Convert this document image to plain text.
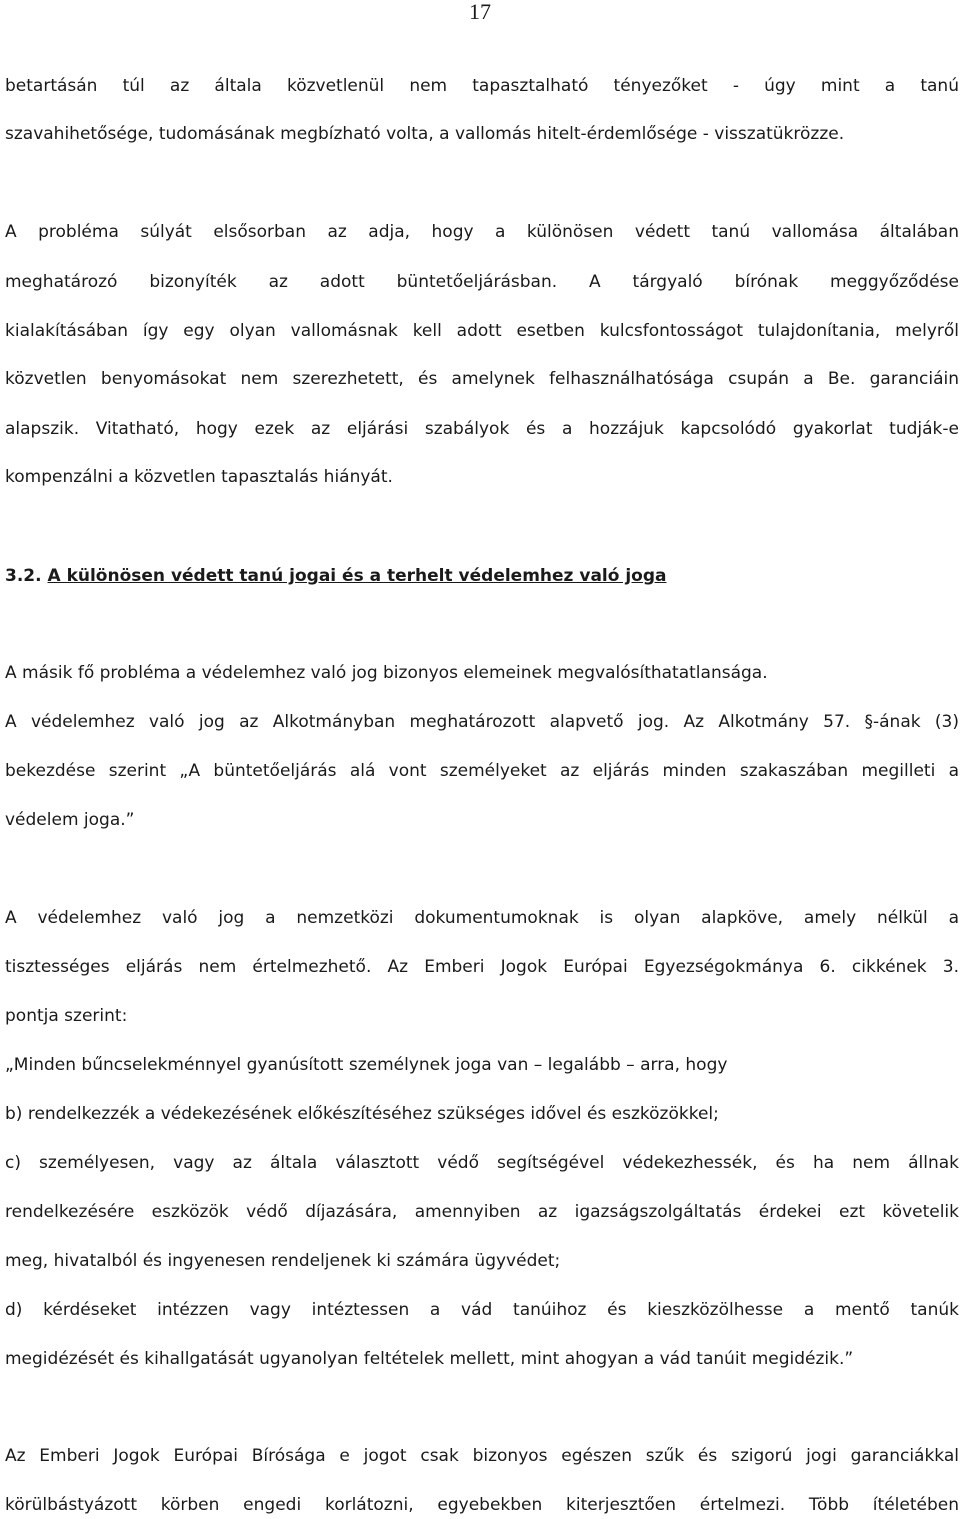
17
betartásán túl az általa közvetlenül nem tapasztalható tényezőket - úgy mint a tanú
szavahihetősége, tudomásának megbízható volta, a vallomás hitelt-érdemlősége - visszatükrözze.
A probléma súlyát elsősorban az adja, hogy a különösen védett tanú vallomása általában
meghatározó bizonyíték az adott büntetőeljárásban. A tárgyaló bírónak meggyőződése
kialakításában így egy olyan vallomásnak kell adott esetben kulcsfontosságot tulajdonítania, melyről
közvetlen benyomásokat nem szerezhetett, és amelynek felhasználhatósága csupán a Be. garanciáin
alapszik. Vitatható, hogy ezek az eljárási szabályok és a hozzájuk kapcsolódó gyakorlat tudják-e
kompenzálni a közvetlen tapasztalás hiányát.
3.2. A különösen védett tanú jogai és a terhelt védelemhez való joga
A másik fő probléma a védelemhez való jog bizonyos elemeinek megvalósíthatatlansága.
A védelemhez való jog az Alkotmányban meghatározott alapvető jog. Az Alkotmány 57. §-ának (3)
bekezdése szerint „A büntetőeljárás alá vont személyeket az eljárás minden szakaszában megilleti a
védelem joga.”
A védelemhez való jog a nemzetközi dokumentumoknak is olyan alapköve, amely nélkül a
tisztességes eljárás nem értelmezhető. Az Emberi Jogok Európai Egyezségokmánya 6. cikkének 3.
pontja szerint:
„Minden bűncselekménnyel gyanúsított személynek joga van – legalább – arra, hogy
b) rendelkezzék a védekezésének előkészítéséhez szükséges idővel és eszközökkel;
c) személyesen, vagy az általa választott védő segítségével védekezhessék, és ha nem állnak
rendelkezésére eszközök védő díjazására, amennyiben az igazságszolgáltatás érdekei ezt követelik
meg, hivatalból és ingyenesen rendeljenek ki számára ügyvédet;
d) kérdéseket intézzen vagy intéztessen a vád tanúihoz és kieszközölhesse a mentő tanúk
megidézését és kihallgatását ugyanolyan feltételek mellett, mint ahogyan a vád tanúit megidézik.”
Az Emberi Jogok Európai Bírósága e jogot csak bizonyos egészen szűk és szigorú jogi garanciákkal
körülbástyázott körben engedi korlátozni, egyebekben kiterjesztően értelmezi. Több ítéletében
